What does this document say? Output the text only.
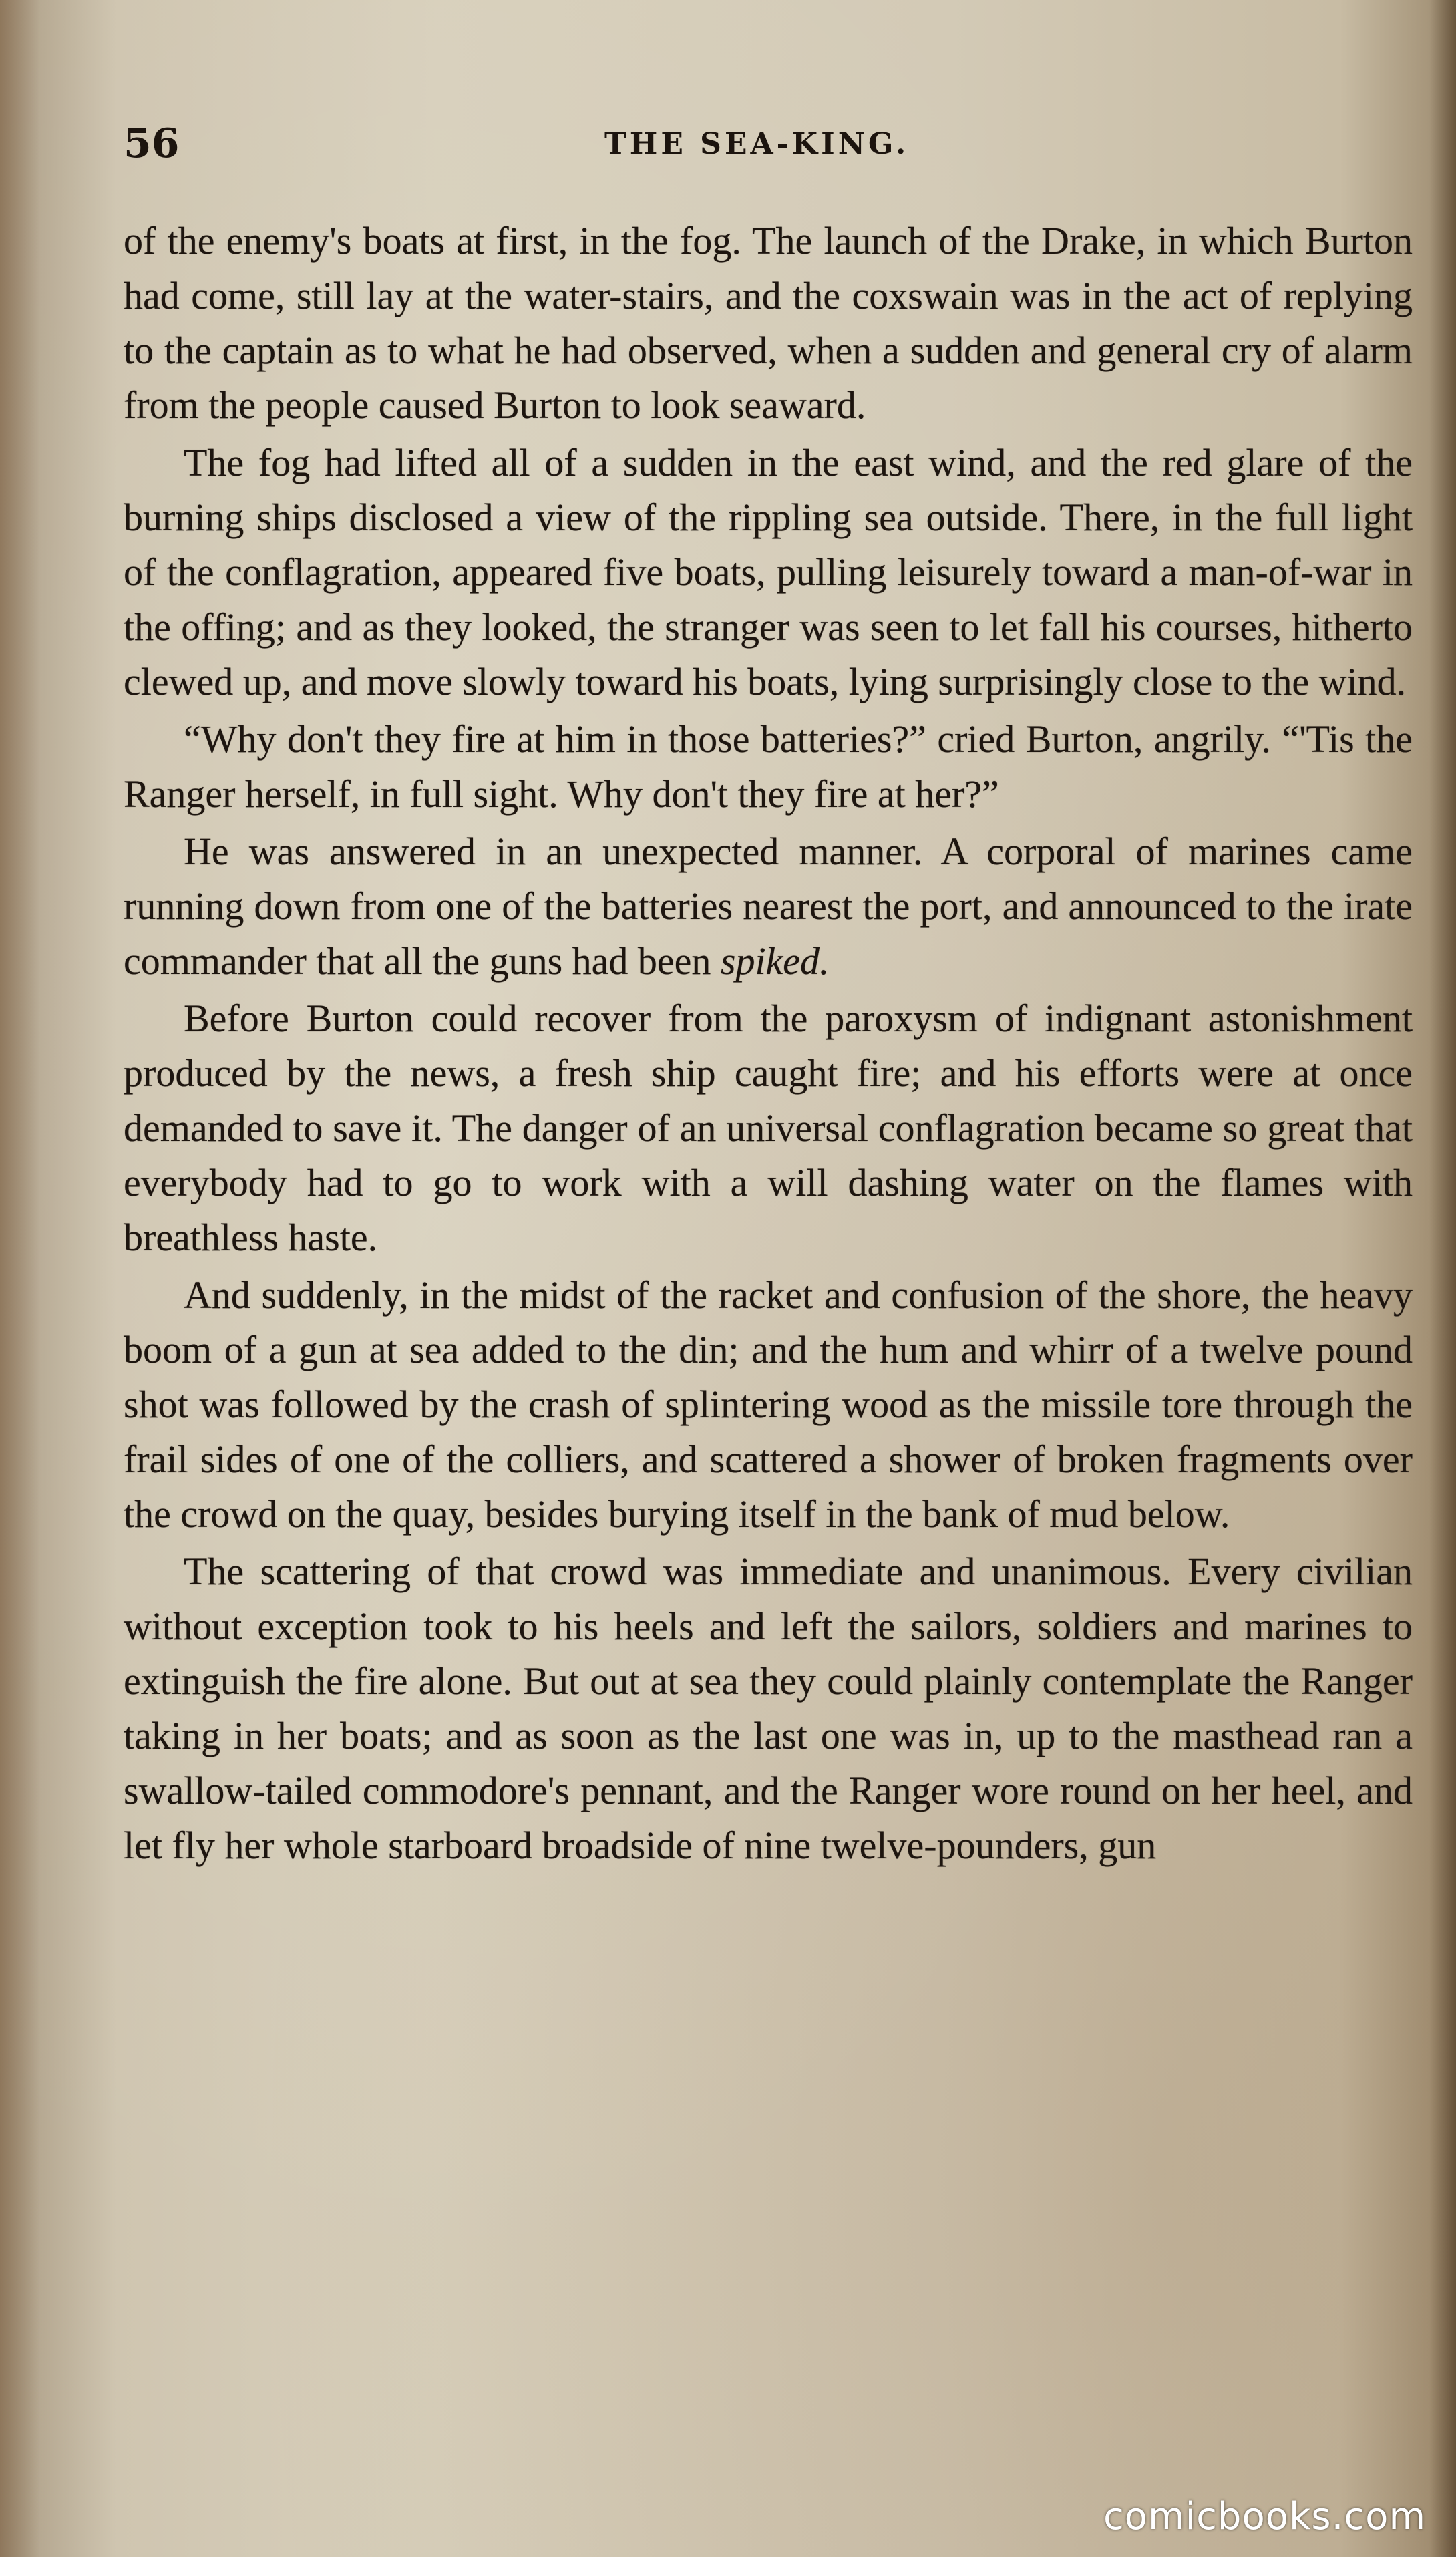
56	THE SEA-KING.

of the enemy's boats at first, in the fog. The launch of the Drake, in which Burton had come, still lay at the water-stairs, and the coxswain was in the act of replying to the captain as to what he had observed, when a sudden and general cry of alarm from the people caused Burton to look seaward.

The fog had lifted all of a sudden in the east wind, and the red glare of the burning ships disclosed a view of the rippling sea outside. There, in the full light of the conflagration, appeared five boats, pulling leisurely toward a man-of-war in the offing; and as they looked, the stranger was seen to let fall his courses, hitherto clewed up, and move slowly toward his boats, lying surprisingly close to the wind.

“Why don't they fire at him in those batteries?” cried Burton, angrily. “'Tis the Ranger herself, in full sight. Why don't they fire at her?”

He was answered in an unexpected manner. A corporal of marines came running down from one of the batteries nearest the port, and announced to the irate commander that all the guns had been spiked.

Before Burton could recover from the paroxysm of indignant astonishment produced by the news, a fresh ship caught fire; and his efforts were at once demanded to save it. The danger of an universal conflagration became so great that everybody had to go to work with a will dashing water on the flames with breathless haste.

And suddenly, in the midst of the racket and confusion of the shore, the heavy boom of a gun at sea added to the din; and the hum and whirr of a twelve pound shot was followed by the crash of splintering wood as the missile tore through the frail sides of one of the colliers, and scattered a shower of broken fragments over the crowd on the quay, besides burying itself in the bank of mud below.

The scattering of that crowd was immediate and unanimous. Every civilian without exception took to his heels and left the sailors, soldiers and marines to extinguish the fire alone. But out at sea they could plainly contemplate the Ranger taking in her boats; and as soon as the last one was in, up to the masthead ran a swallow-tailed commodore's pennant, and the Ranger wore round on her heel, and let fly her whole starboard broadside of nine twelve-pounders, gun

comicbooks.com
